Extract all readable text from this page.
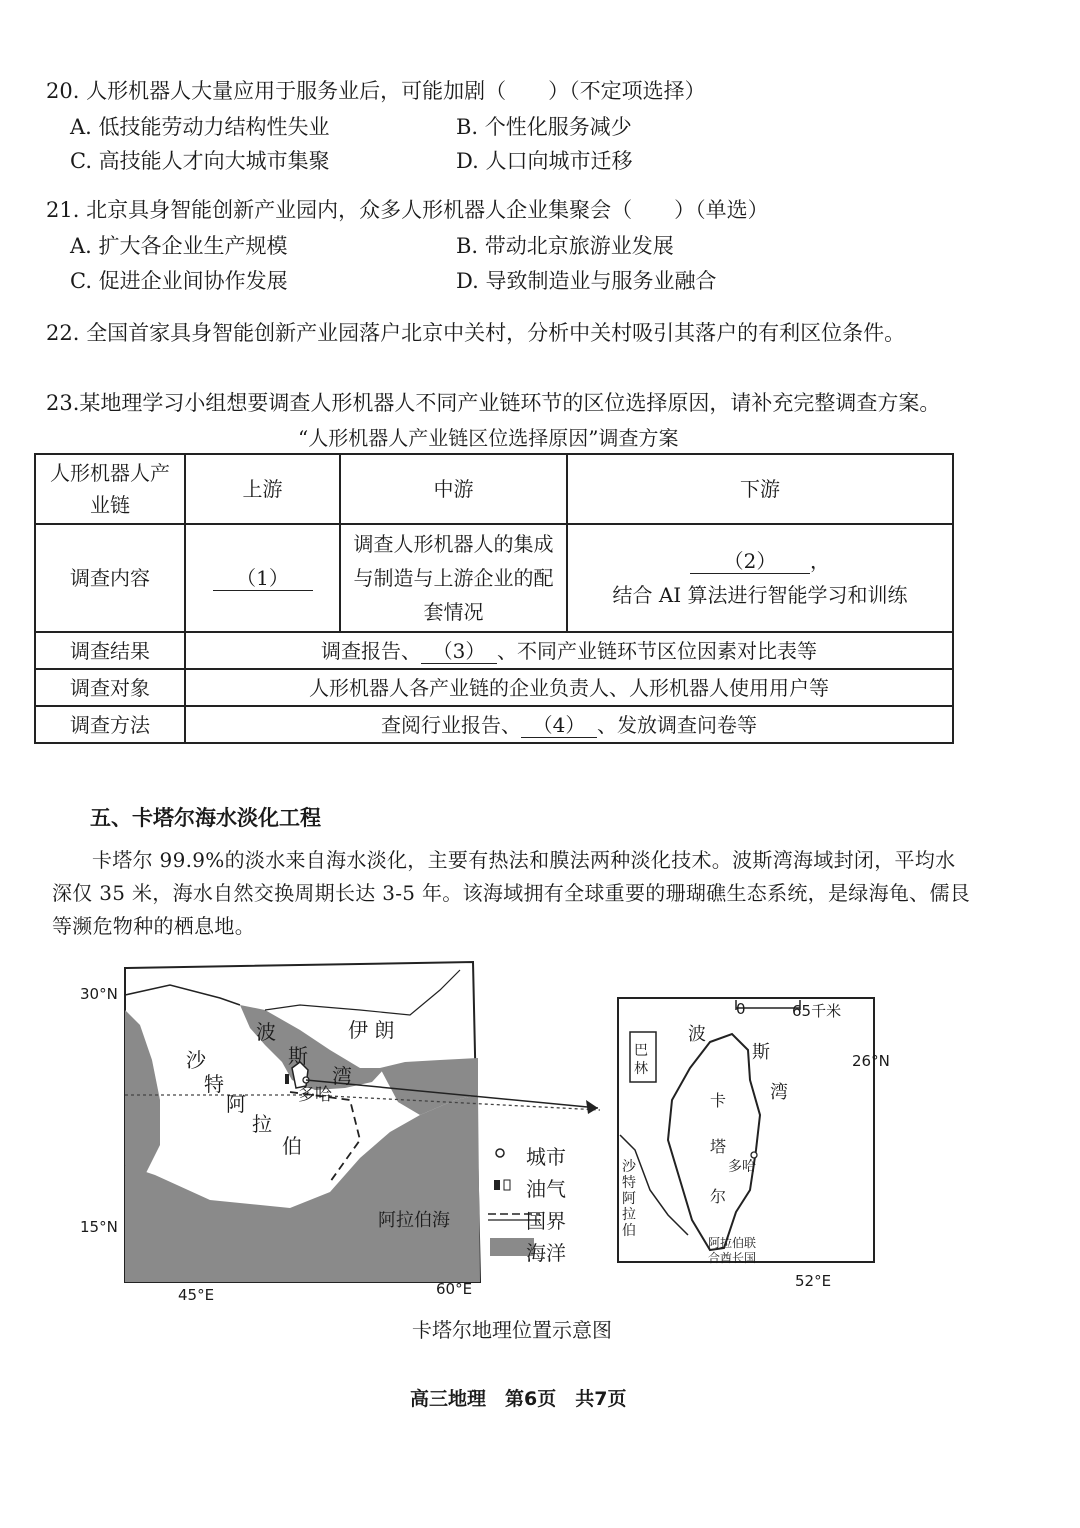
20. 人形机器人大量应用于服务业后，可能加剧（　　）（不定项选择）
A. 低技能劳动力结构性失业	B. 个性化服务减少
C. 高技能人才向大城市集聚	D. 人口向城市迁移
21. 北京具身智能创新产业园内，众多人形机器人企业集聚会（　　）（单选）
A. 扩大各企业生产规模	B. 带动北京旅游业发展
C. 促进企业间协作发展	D. 导致制造业与服务业融合
22. 全国首家具身智能创新产业园落户北京中关村，分析中关村吸引其落户的有利区位条件。
23.某地理学习小组想要调查人形机器人不同产业链环节的区位选择原因，请补充完整调查方案。
“人形机器人产业链区位选择原因”调查方案
人形机器人产业链	上游	中游	下游
调查内容	（1）	调查人形机器人的集成与制造与上游企业的配套情况	（2） ，
结合 AI 算法进行智能学习和训练

调查结果	调查报告、 （3） 、不同产业链环节区位因素对比表等		
调查对象	人形机器人各产业链的企业负责人、人形机器人使用用户等		
调查方法	查阅行业报告、 （4） 、发放调查问卷等		
五、卡塔尔海水淡化工程
卡塔尔 99.9%的淡水来自海水淡化，主要有热法和膜法两种淡化技术。波斯湾海域封闭，平均水深仅 35 米，海水自然交换周期长达 3-5 年。该海域拥有全球重要的珊瑚礁生态系统，是绿海龟、儒艮等濒危物种的栖息地。
30°N
15°N
45°E	60°E
波
斯
湾
伊 朗
沙
特
阿
拉
伯
多哈
阿拉伯海
城市
油气
国界
海洋
0	65千米
26°N
52°E
波
斯
湾
巴
林
卡
塔
尔
多哈
沙
特
阿
拉
伯
阿拉伯联
合酋长国
卡塔尔地理位置示意图
高三地理　第6页　共7页
